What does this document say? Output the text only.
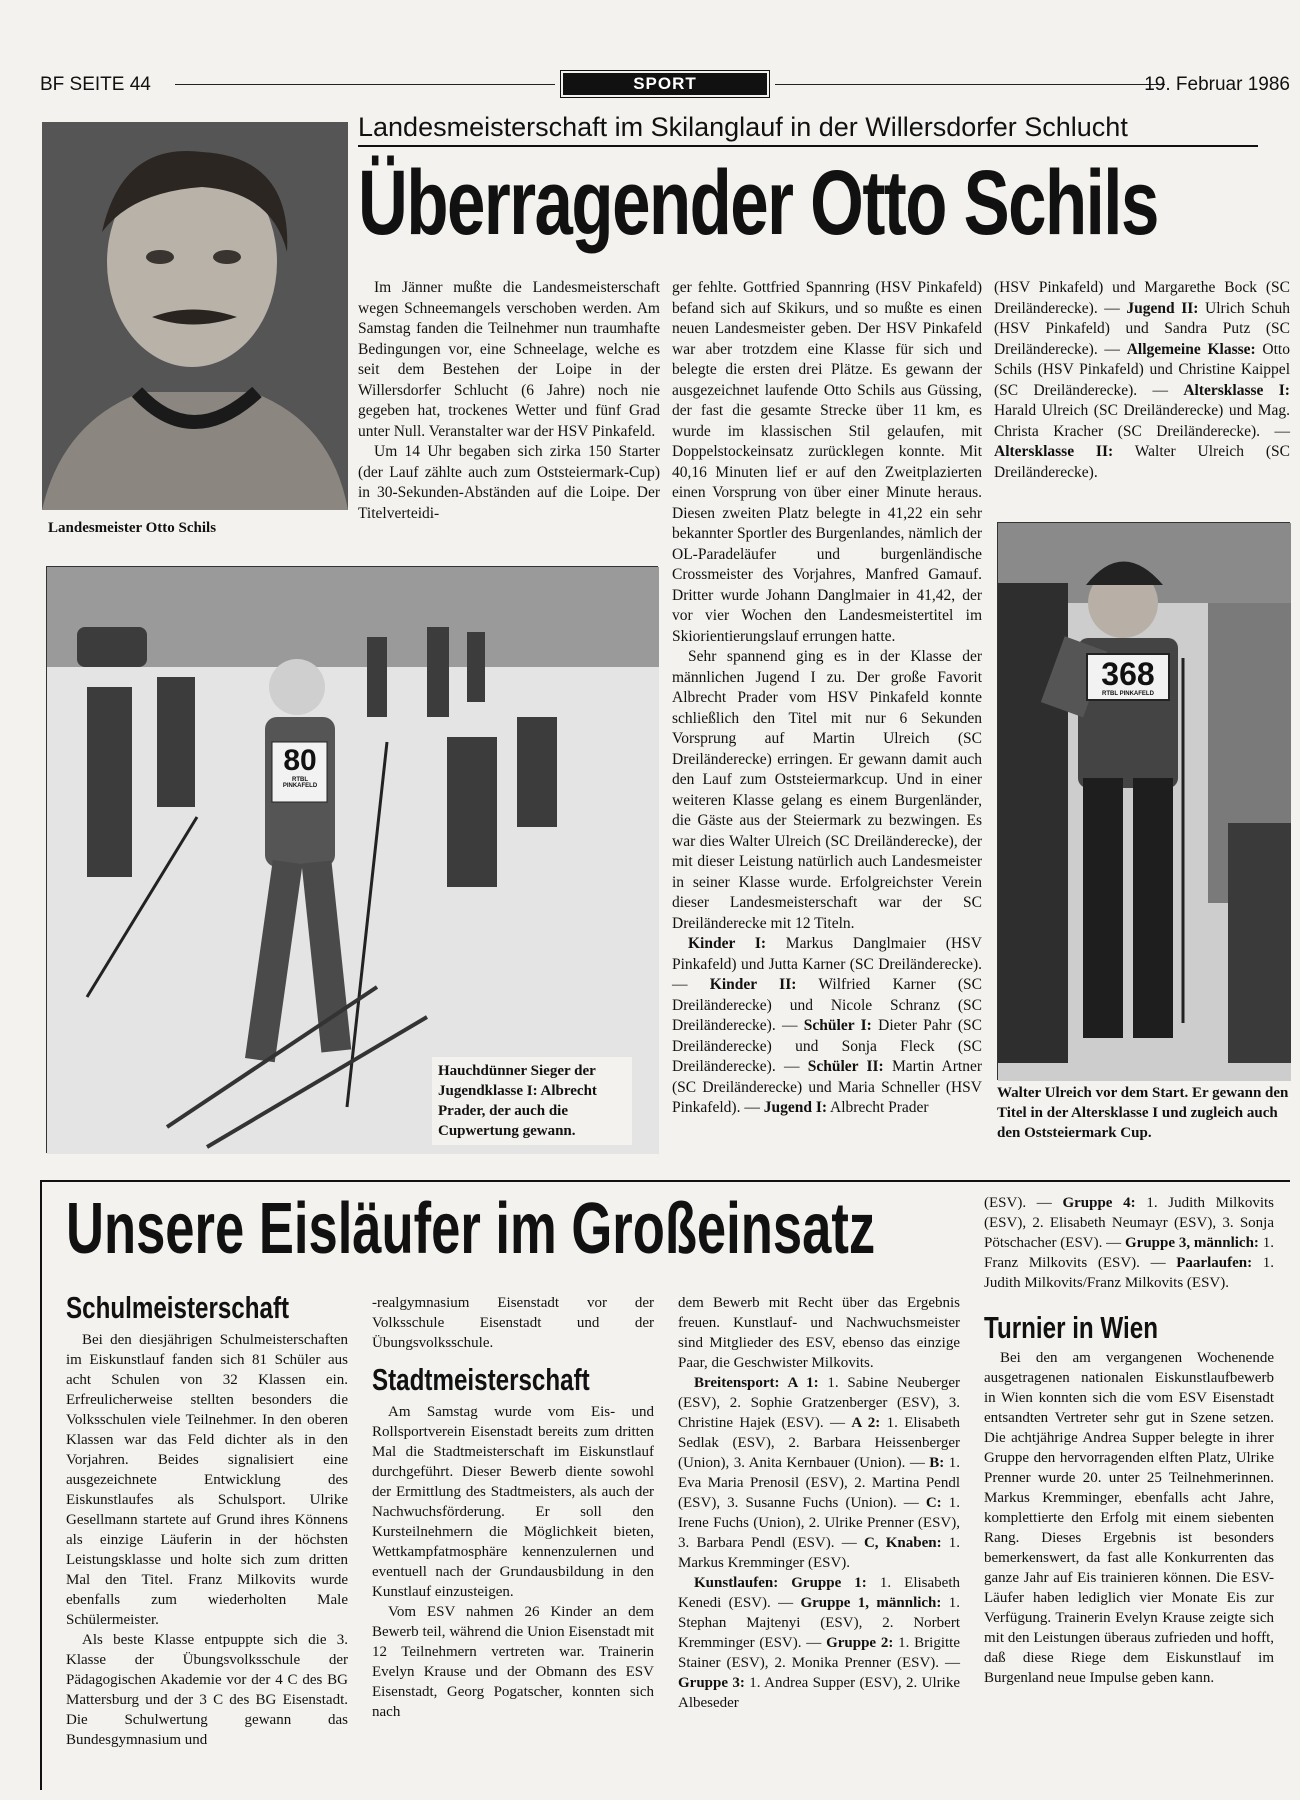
BF SEITE 44	SPORT	19. Februar 1986
Landesmeisterschaft im Skilanglauf in der Willersdorfer Schlucht
Überragender Otto Schils
Landesmeister Otto Schils

Im Jänner mußte die Landesmeisterschaft wegen Schneemangels verschoben werden. Am Samstag fanden die Teilnehmer nun traumhafte Bedingungen vor, eine Schneelage, welche es seit dem Bestehen der Loipe in der Willersdorfer Schlucht (6 Jahre) noch nie gegeben hat, trockenes Wetter und fünf Grad unter Null. Veranstalter war der HSV Pinkafeld.

Um 14 Uhr begaben sich zirka 150 Starter (der Lauf zählte auch zum Oststeiermark-Cup) in 30-Sekunden-Abständen auf die Loipe. Der Titelverteidi-

ger fehlte. Gottfried Spannring (HSV Pinkafeld) befand sich auf Skikurs, und so mußte es einen neuen Landesmeister geben. Der HSV Pinkafeld war aber trotzdem eine Klasse für sich und belegte die ersten drei Plätze. Es gewann der ausgezeichnet laufende Otto Schils aus Güssing, der fast die gesamte Strecke über 11 km, es wurde im klassischen Stil gelaufen, mit Doppelstockeinsatz zurücklegen konnte. Mit 40,16 Minuten lief er auf den Zweitplazierten einen Vorsprung von über einer Minute heraus. Diesen zweiten Platz belegte in 41,22 ein sehr bekannter Sportler des Burgenlandes, nämlich der OL-Paradeläufer und burgenländische Crossmeister des Vorjahres, Manfred Gamauf. Dritter wurde Johann Danglmaier in 41,42, der vor vier Wochen den Landesmeistertitel im Skiorientierungslauf errungen hatte.

Sehr spannend ging es in der Klasse der männlichen Jugend I zu. Der große Favorit Albrecht Prader vom HSV Pinkafeld konnte schließlich den Titel mit nur 6 Sekunden Vorsprung auf Martin Ulreich (SC Dreiländerecke) erringen. Er gewann damit auch den Lauf zum Oststeiermarkcup. Und in einer weiteren Klasse gelang es einem Burgenländer, die Gäste aus der Steiermark zu bezwingen. Es war dies Walter Ulreich (SC Dreiländerecke), der mit dieser Leistung natürlich auch Landesmeister in seiner Klasse wurde. Erfolgreichster Verein dieser Landesmeisterschaft war der SC Dreiländerecke mit 12 Titeln.

Kinder I: Markus Danglmaier (HSV Pinkafeld) und Jutta Karner (SC Dreiländerecke). — Kinder II: Wilfried Karner (SC Dreiländerecke) und Nicole Schranz (SC Dreiländerecke). — Schüler I: Dieter Pahr (SC Dreiländerecke) und Sonja Fleck (SC Dreiländerecke). — Schüler II: Martin Artner (SC Dreiländerecke) und Maria Schneller (HSV Pinkafeld). — Jugend I: Albrecht Prader

(HSV Pinkafeld) und Margarethe Bock (SC Dreiländerecke). — Jugend II: Ulrich Schuh (HSV Pinkafeld) und Sandra Putz (SC Dreiländerecke). — Allgemeine Klasse: Otto Schils (HSV Pinkafeld) und Christine Kaippel (SC Dreiländerecke). — Altersklasse I: Harald Ulreich (SC Dreiländerecke) und Mag. Christa Kracher (SC Dreiländerecke). — Altersklasse II: Walter Ulreich (SC Dreiländerecke).

80
RTBL PINKAFELD
Hauchdünner Sieger der Jugendklasse I: Albrecht Prader, der auch die Cupwertung gewann.
368
RTBL PINKAFELD
Walter Ulreich vor dem Start. Er gewann den Titel in der Altersklasse I und zugleich auch den Oststeiermark Cup.
Unsere Eisläufer im Großeinsatz
Schulmeisterschaft

Bei den diesjährigen Schulmeisterschaften im Eiskunstlauf fanden sich 81 Schüler aus acht Schulen von 32 Klassen ein. Erfreulicherweise stellten besonders die Volksschulen viele Teilnehmer. In den oberen Klassen war das Feld dichter als in den Vorjahren. Beides signalisiert eine ausgezeichnete Entwicklung des Eiskunstlaufes als Schulsport. Ulrike Gesellmann startete auf Grund ihres Könnens als einzige Läuferin in der höchsten Leistungsklasse und holte sich zum dritten Mal den Titel. Franz Milkovits wurde ebenfalls zum wiederholten Male Schülermeister.

Als beste Klasse entpuppte sich die 3. Klasse der Übungsvolksschule der Pädagogischen Akademie vor der 4 C des BG Mattersburg und der 3 C des BG Eisenstadt. Die Schulwertung gewann das Bundesgymnasium und

-realgymnasium Eisenstadt vor der Volksschule Eisenstadt und der Übungsvolksschule.

Stadtmeisterschaft

Am Samstag wurde vom Eis- und Rollsportverein Eisenstadt bereits zum dritten Mal die Stadtmeisterschaft im Eiskunstlauf durchgeführt. Dieser Bewerb diente sowohl der Ermittlung des Stadtmeisters, als auch der Nachwuchsförderung. Er soll den Kursteilnehmern die Möglichkeit bieten, Wettkampfatmosphäre kennenzulernen und eventuell nach der Grundausbildung in den Kunstlauf einzusteigen.

Vom ESV nahmen 26 Kinder an dem Bewerb teil, während die Union Eisenstadt mit 12 Teilnehmern vertreten war. Trainerin Evelyn Krause und der Obmann des ESV Eisenstadt, Georg Pogatscher, konnten sich nach

dem Bewerb mit Recht über das Ergebnis freuen. Kunstlauf- und Nachwuchsmeister sind Mitglieder des ESV, ebenso das einzige Paar, die Geschwister Milkovits.

Breitensport: A 1: 1. Sabine Neuberger (ESV), 2. Sophie Gratzenberger (ESV), 3. Christine Hajek (ESV). — A 2: 1. Elisabeth Sedlak (ESV), 2. Barbara Heissenberger (Union), 3. Anita Kernbauer (Union). — B: 1. Eva Maria Prenosil (ESV), 2. Martina Pendl (ESV), 3. Susanne Fuchs (Union). — C: 1. Irene Fuchs (Union), 2. Ulrike Prenner (ESV), 3. Barbara Pendl (ESV). — C, Knaben: 1. Markus Kremminger (ESV).

Kunstlaufen: Gruppe 1: 1. Elisabeth Kenedi (ESV). — Gruppe 1, männlich: 1. Stephan Majtenyi (ESV), 2. Norbert Kremminger (ESV). — Gruppe 2: 1. Brigitte Stainer (ESV), 2. Monika Prenner (ESV). — Gruppe 3: 1. Andrea Supper (ESV), 2. Ulrike Albeseder

(ESV). — Gruppe 4: 1. Judith Milkovits (ESV), 2. Elisabeth Neumayr (ESV), 3. Sonja Pötschacher (ESV). — Gruppe 3, männlich: 1. Franz Milkovits (ESV). — Paarlaufen: 1. Judith Milkovits/Franz Milkovits (ESV).

Turnier in Wien

Bei den am vergangenen Wochenende ausgetragenen nationalen Eiskunstlaufbewerb in Wien konnten sich die vom ESV Eisenstadt entsandten Vertreter sehr gut in Szene setzen. Die achtjährige Andrea Supper belegte in ihrer Gruppe den hervorragenden elften Platz, Ulrike Prenner wurde 20. unter 25 Teilnehmerinnen. Markus Kremminger, ebenfalls acht Jahre, komplettierte den Erfolg mit einem siebenten Rang. Dieses Ergebnis ist besonders bemerkenswert, da fast alle Konkurrenten das ganze Jahr auf Eis trainieren können. Die ESV-Läufer haben lediglich vier Monate Eis zur Verfügung. Trainerin Evelyn Krause zeigte sich mit den Leistungen überaus zufrieden und hofft, daß diese Riege dem Eiskunstlauf im Burgenland neue Impulse geben kann.
